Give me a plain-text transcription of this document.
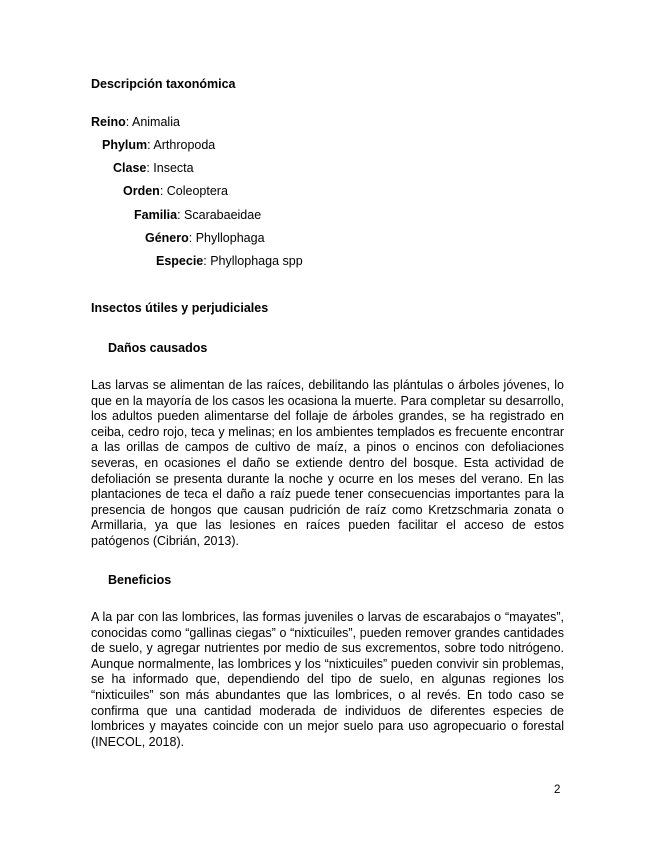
Descripción taxonómica
Reino: Animalia
Phylum: Arthropoda
Clase: Insecta
Orden: Coleoptera
Familia: Scarabaeidae
Género: Phyllophaga
Especie: Phyllophaga spp
Insectos útiles y perjudiciales
Daños causados

Las larvas se alimentan de las raíces, debilitando las plántulas o árboles jóvenes, lo que en la mayoría de los casos les ocasiona la muerte. Para completar su desarrollo, los adultos pueden alimentarse del follaje de árboles grandes, se ha registrado en ceiba, cedro rojo, teca y melinas; en los ambientes templados es frecuente encontrar a las orillas de campos de cultivo de maíz, a pinos o encinos con defoliaciones severas, en ocasiones el daño se extiende dentro del bosque. Esta actividad de defoliación se presenta durante la noche y ocurre en los meses del verano. En las plantaciones de teca el daño a raíz puede tener consecuencias importantes para la presencia de hongos que causan pudrición de raíz como Kretzschmaria zonata o Armillaria, ya que las lesiones en raíces pueden facilitar el acceso de estos patógenos (Cibrián, 2013).

Beneficios

A la par con las lombrices, las formas juveniles o larvas de escarabajos o “mayates”, conocidas como “gallinas ciegas” o “nixticuiles”, pueden remover grandes cantidades de suelo, y agregar nutrientes por medio de sus excrementos, sobre todo nitrógeno. Aunque normalmente, las lombrices y los “nixticuiles” pueden convivir sin problemas, se ha informado que, dependiendo del tipo de suelo, en algunas regiones los “nixticuiles” son más abundantes que las lombrices, o al revés. En todo caso se confirma que una cantidad moderada de individuos de diferentes especies de lombrices y mayates coincide con un mejor suelo para uso agropecuario o forestal (INECOL, 2018).

2
